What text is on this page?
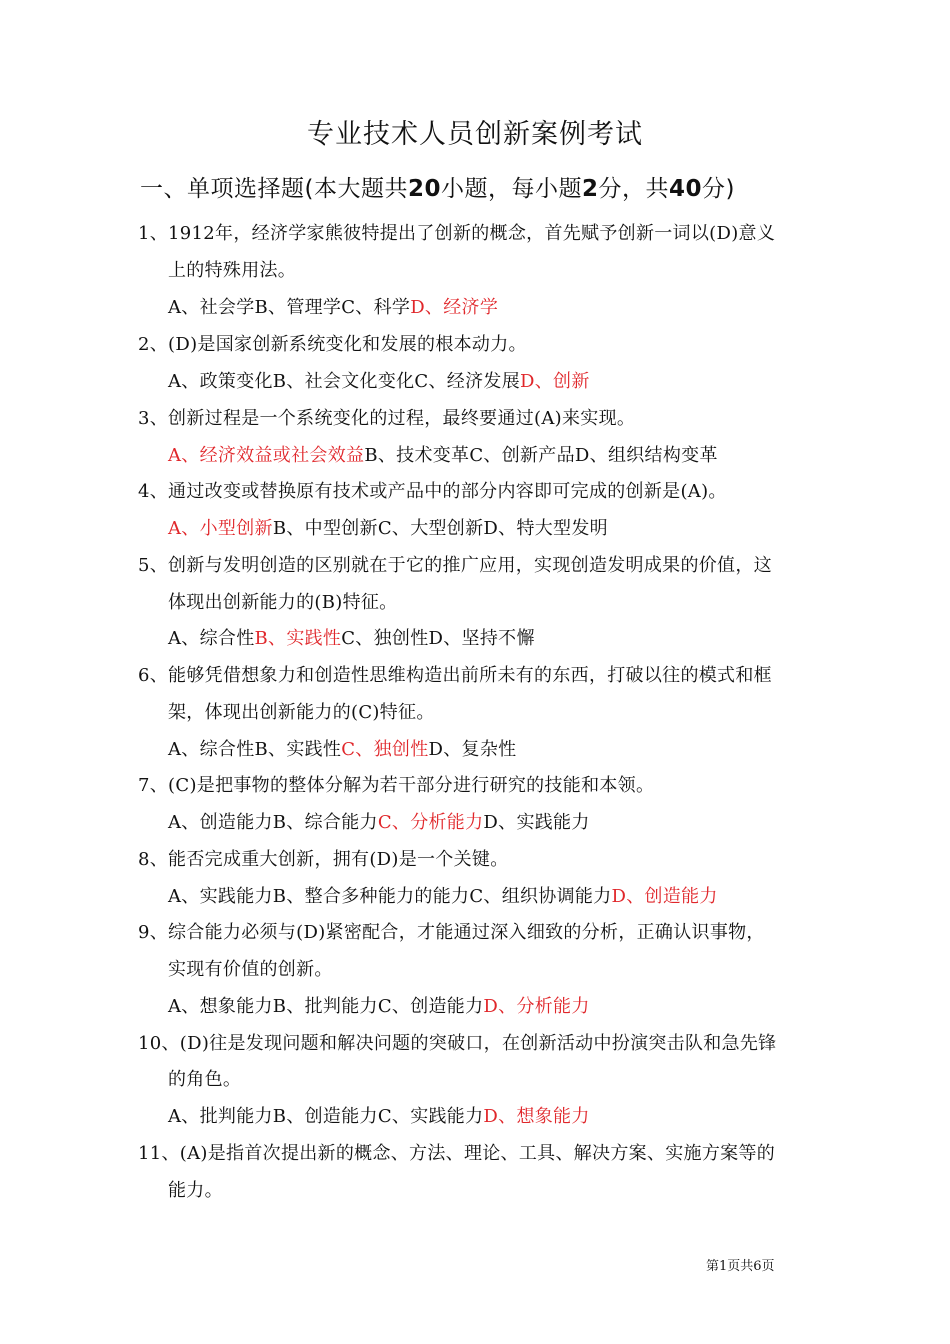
专业技术人员创新案例考试
一、单项选择题(本大题共20小题，每小题2分，共40分)
1、1912年，经济学家熊彼特提出了创新的概念，首先赋予创新一词以(D)意义
上的特殊用法。
A、社会学B、管理学C、科学D、经济学
2、(D)是国家创新系统变化和发展的根本动力。
A、政策变化B、社会文化变化C、经济发展D、创新
3、创新过程是一个系统变化的过程，最终要通过(A)来实现。
A、经济效益或社会效益B、技术变革C、创新产品D、组织结构变革
4、通过改变或替换原有技术或产品中的部分内容即可完成的创新是(A)。
A、小型创新B、中型创新C、大型创新D、特大型发明
5、创新与发明创造的区别就在于它的推广应用，实现创造发明成果的价值，这
体现出创新能力的(B)特征。
A、综合性B、实践性C、独创性D、坚持不懈
6、能够凭借想象力和创造性思维构造出前所未有的东西，打破以往的模式和框
架，体现出创新能力的(C)特征。
A、综合性B、实践性C、独创性D、复杂性
7、(C)是把事物的整体分解为若干部分进行研究的技能和本领。
A、创造能力B、综合能力C、分析能力D、实践能力
8、能否完成重大创新，拥有(D)是一个关键。
A、实践能力B、整合多种能力的能力C、组织协调能力D、创造能力
9、综合能力必须与(D)紧密配合，才能通过深入细致的分析，正确认识事物，
实现有价值的创新。
A、想象能力B、批判能力C、创造能力D、分析能力
10、(D)往是发现问题和解决问题的突破口，在创新活动中扮演突击队和急先锋
的角色。
A、批判能力B、创造能力C、实践能力D、想象能力
11、(A)是指首次提出新的概念、方法、理论、工具、解决方案、实施方案等的
能力。
第1页共6页
